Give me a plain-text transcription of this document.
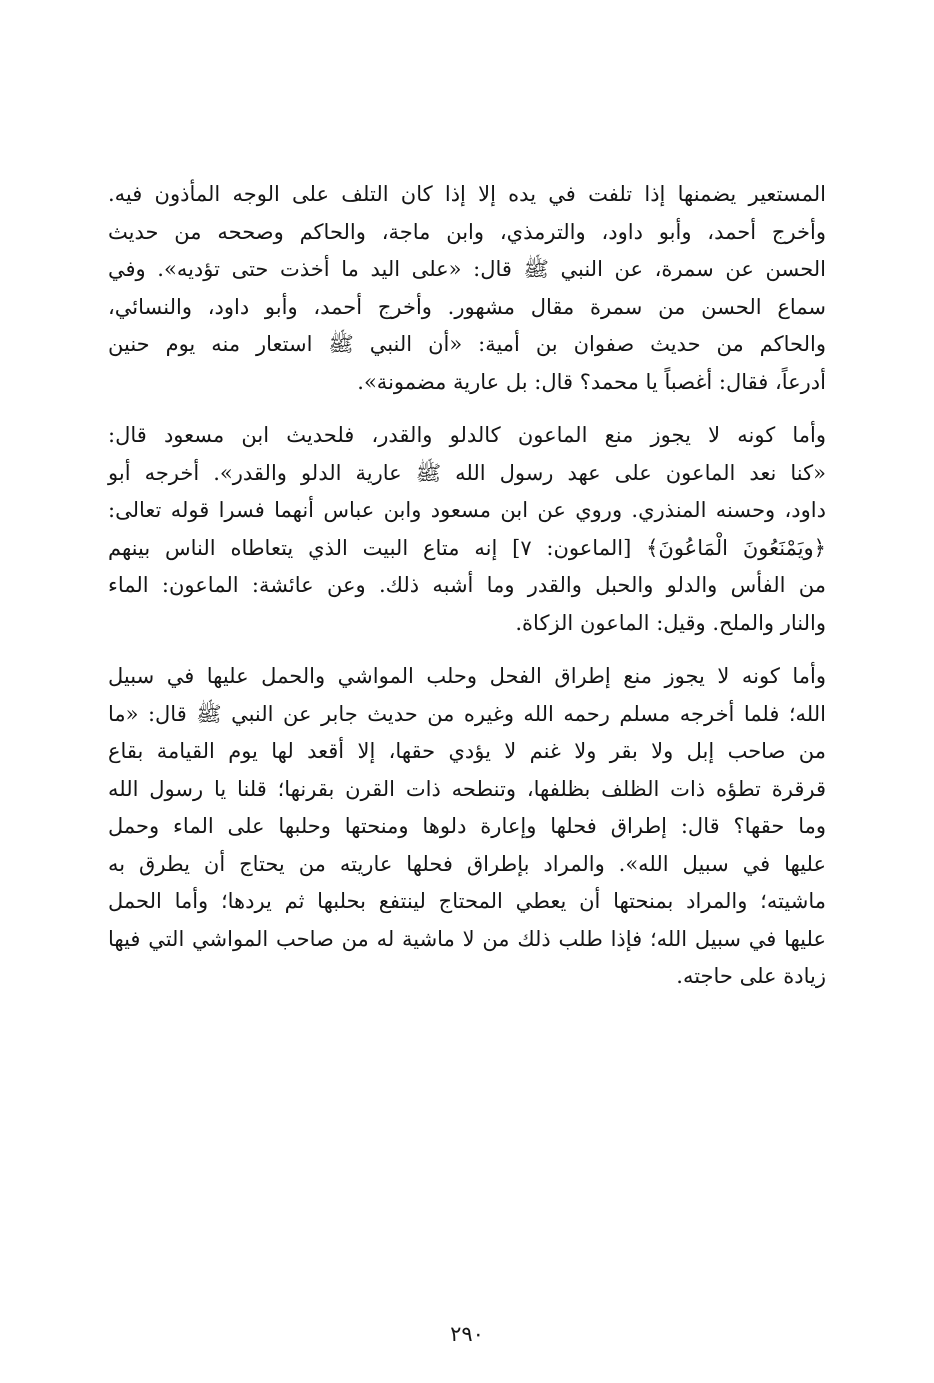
المستعير يضمنها إذا تلفت في يده إلا إذا كان التلف على الوجه المأذون فيه.
وأخرج أحمد، وأبو داود، والترمذي، وابن ماجة، والحاكم وصححه من حديث
الحسن عن سمرة، عن النبي ﷺ قال: «على اليد ما أخذت حتى تؤديه». وفي
سماع الحسن من سمرة مقال مشهور. وأخرج أحمد، وأبو داود، والنسائي،
والحاكم من حديث صفوان بن أمية: «أن النبي ﷺ استعار منه يوم حنين
أدرعاً، فقال: أغصباً يا محمد؟ قال: بل عارية مضمونة».
وأما كونه لا يجوز منع الماعون كالدلو والقدر، فلحديث ابن مسعود قال:
«كنا نعد الماعون على عهد رسول الله ﷺ عارية الدلو والقدر». أخرجه أبو
داود، وحسنه المنذري. وروي عن ابن مسعود وابن عباس أنهما فسرا قوله تعالى:
﴿ويَمْنَعُونَ الْمَاعُونَ﴾ [الماعون: ٧] إنه متاع البيت الذي يتعاطاه الناس بينهم
من الفأس والدلو والحبل والقدر وما أشبه ذلك. وعن عائشة: الماعون: الماء
والنار والملح. وقيل: الماعون الزكاة.
وأما كونه لا يجوز منع إطراق الفحل وحلب المواشي والحمل عليها في سبيل
الله؛ فلما أخرجه مسلم رحمه الله وغيره من حديث جابر عن النبي ﷺ قال: «ما
من صاحب إبل ولا بقر ولا غنم لا يؤدي حقها، إلا أقعد لها يوم القيامة بقاع
قرقرة تطؤه ذات الظلف بظلفها، وتنطحه ذات القرن بقرنها؛ قلنا يا رسول الله
وما حقها؟ قال: إطراق فحلها وإعارة دلوها ومنحتها وحلبها على الماء وحمل
عليها في سبيل الله». والمراد بإطراق فحلها عاريته من يحتاج أن يطرق به
ماشيته؛ والمراد بمنحتها أن يعطي المحتاج لينتفع بحلبها ثم يردها؛ وأما الحمل
عليها في سبيل الله؛ فإذا طلب ذلك من لا ماشية له من صاحب المواشي التي فيها
زيادة على حاجته.
٢٩٠
